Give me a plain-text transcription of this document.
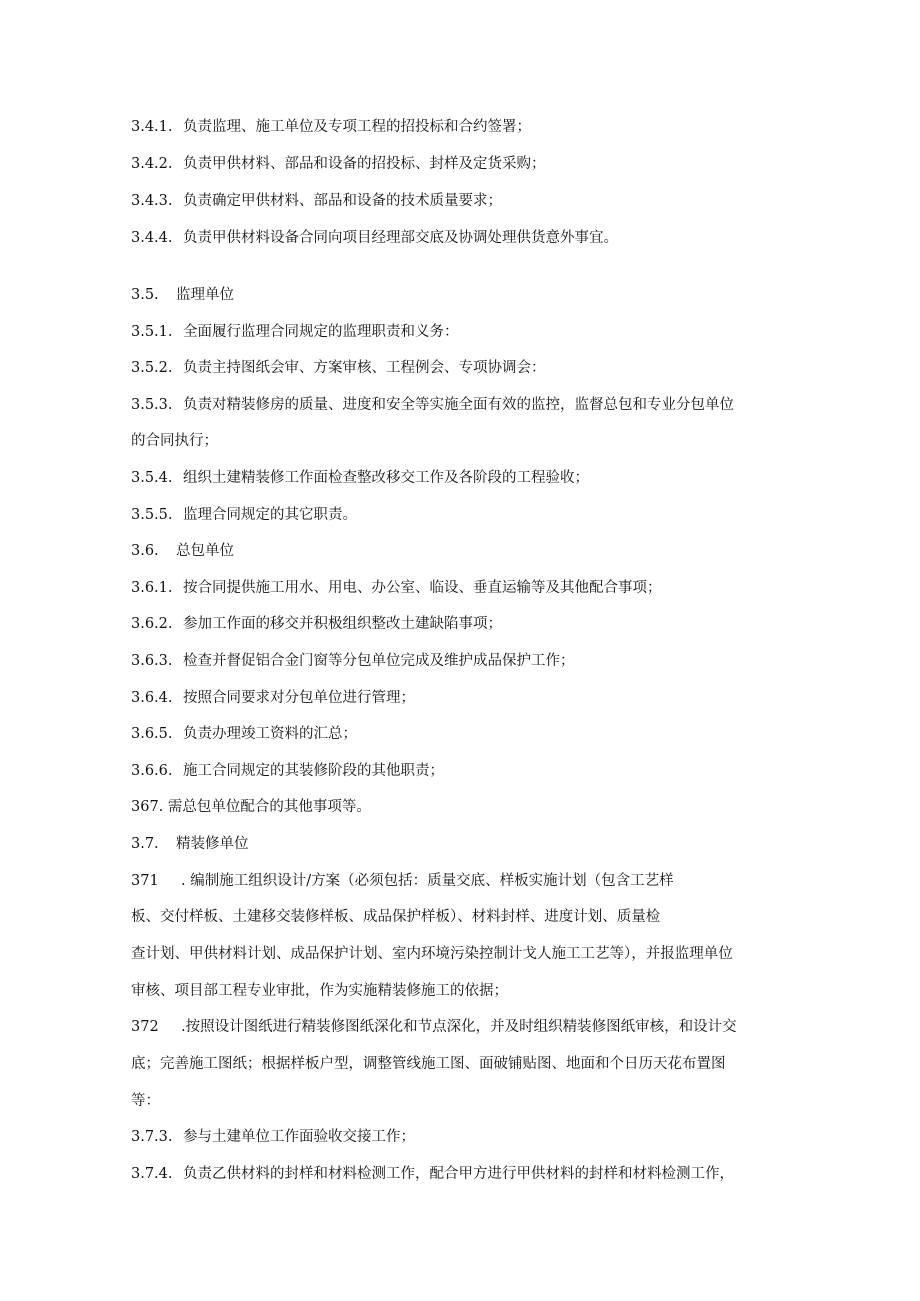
3.4.1. 负责监理、施工单位及专项工程的招投标和合约签署；
3.4.2. 负责甲供材料、部品和设备的招投标、封样及定货采购；
3.4.3. 负责确定甲供材料、部品和设备的技术质量要求；
3.4.4. 负责甲供材料设备合同向项目经理部交底及协调处理供货意外事宜。
3.5. 监理单位
3.5.1. 全面履行监理合同规定的监理职责和义务：
3.5.2. 负责主持图纸会审、方案审核、工程例会、专项协调会：
3.5.3. 负责对精装修房的质量、进度和安全等实施全面有效的监控，监督总包和专业分包单位
的合同执行；
3.5.4. 组织土建精装修工作面检查整改移交工作及各阶段的工程验收；
3.5.5. 监理合同规定的其它职责。
3.6. 总包单位
3.6.1. 按合同提供施工用水、用电、办公室、临设、垂直运输等及其他配合事项；
3.6.2. 参加工作面的移交并积极组织整改土建缺陷事项；
3.6.3. 检查并督促铝合金门窗等分包单位完成及维护成品保护工作；
3.6.4. 按照合同要求对分包单位进行管理；
3.6.5. 负责办理竣工资料的汇总；
3.6.6. 施工合同规定的其装修阶段的其他职责；
367. 需总包单位配合的其他事项等。
3.7. 精装修单位
371 . 编制施工组织设计/方案（必须包括：质量交底、样板实施计划（包含工艺样
板、交付样板、土建移交装修样板、成品保护样板）、材料封样、进度计划、质量检
查计划、甲供材料计划、成品保护计划、室内环境污染控制计戈人施工工艺等），并报监理单位
审核、项目部工程专业审批，作为实施精装修施工的依据；
372 .按照设计图纸进行精装修图纸深化和节点深化，并及时组织精装修图纸审核，和设计交
底；完善施工图纸；根据样板户型，调整管线施工图、面破铺贴图、地面和个日历天花布置图
等：
3.7.3. 参与土建单位工作面验收交接工作；
3.7.4. 负责乙供材料的封样和材料检测工作，配合甲方进行甲供材料的封样和材料检测工作，
